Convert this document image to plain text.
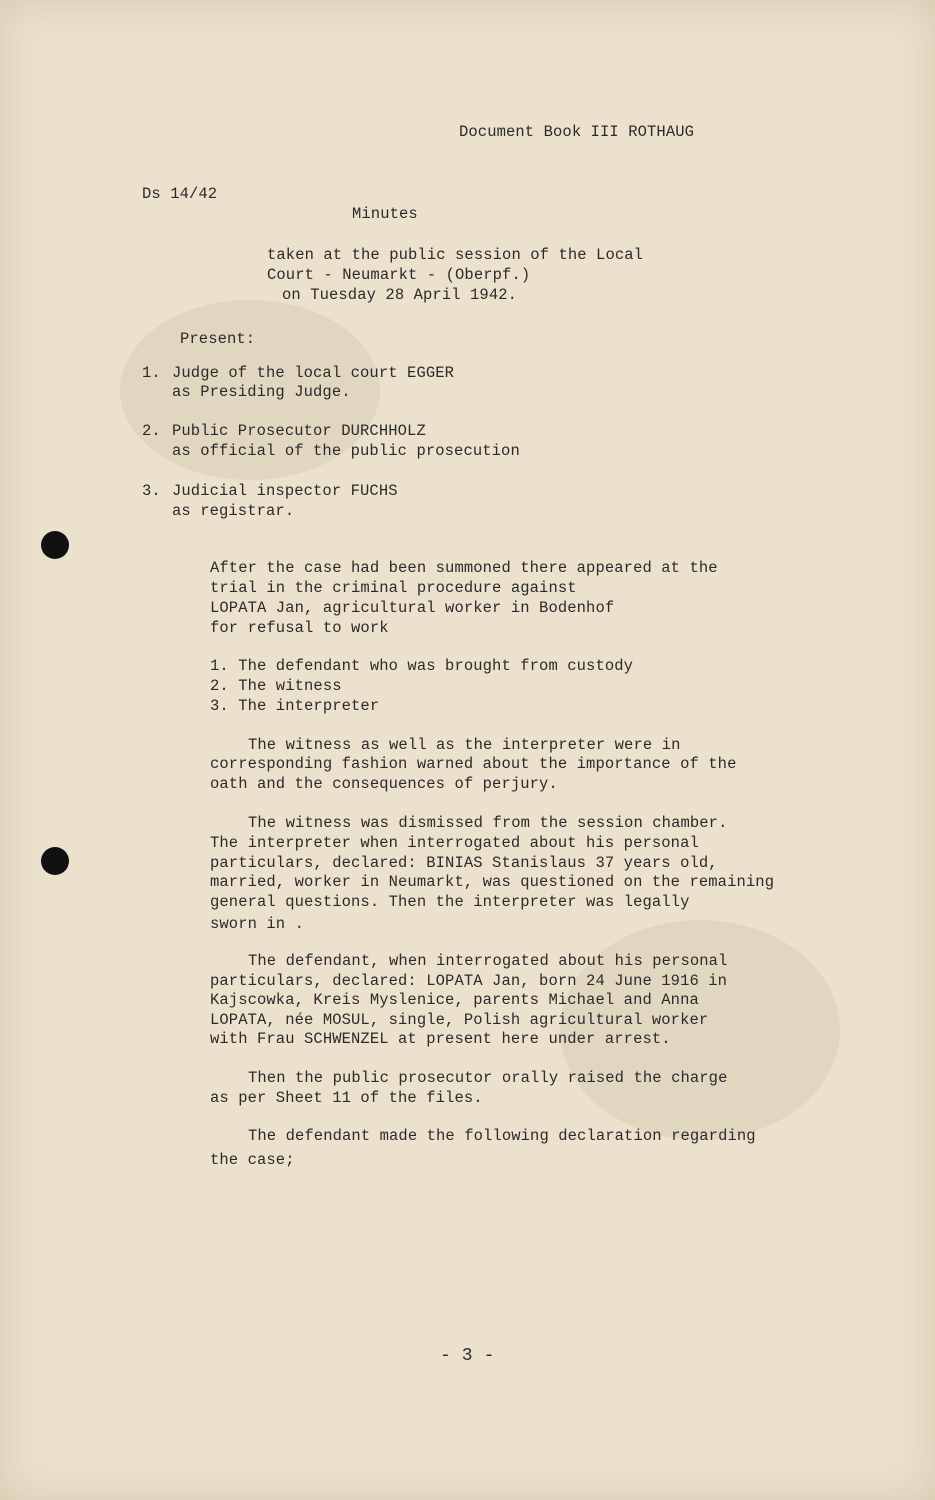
Document Book III ROTHAUG
Ds 14/42
Minutes
taken at the public session of the Local
Court - Neumarkt - (Oberpf.)
on Tuesday 28 April 1942.
Present:
1. Judge of the local court EGGER
as Presiding Judge.
2. Public Prosecutor DURCHHOLZ
as official of the public prosecution
3. Judicial inspector FUCHS
as registrar.
After the case had been summoned there appeared at the
trial in the criminal procedure against
LOPATA Jan, agricultural worker in Bodenhof
for refusal to work
1. The defendant who was brought from custody
2. The witness
3. The interpreter
The witness as well as the interpreter were in
corresponding fashion warned about the importance of the
oath and the consequences of perjury.
The witness was dismissed from the session chamber.
The interpreter when interrogated about his personal
particulars, declared: BINIAS Stanislaus 37 years old,
married, worker in Neumarkt, was questioned on the remaining
general questions. Then the interpreter was legally
sworn in .
The defendant, when interrogated about his personal
particulars, declared: LOPATA Jan, born 24 June 1916 in
Kajscowka, Kreis Myslenice, parents Michael and Anna
LOPATA, née MOSUL, single, Polish agricultural worker
with Frau SCHWENZEL at present here under arrest.
Then the public prosecutor orally raised the charge
as per Sheet 11 of the files.
The defendant made the following declaration regarding
the case;
- 3 -
